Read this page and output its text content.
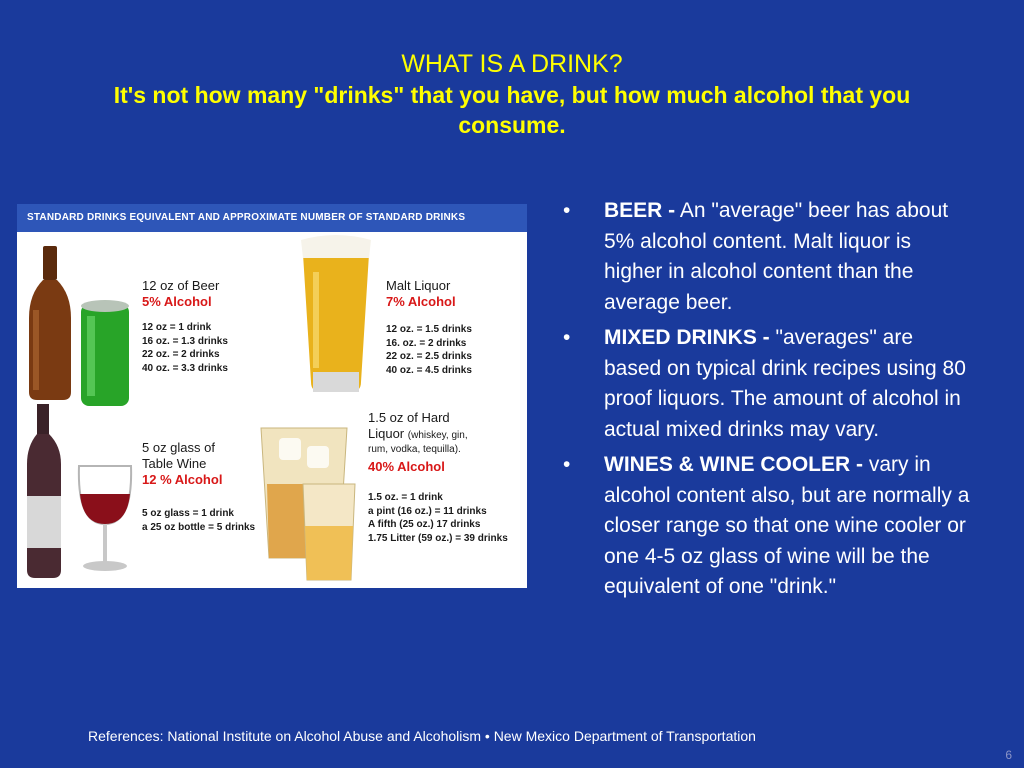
WHAT IS A DRINK?
It's not how many "drinks" that you have, but how much alcohol that you consume.
STANDARD DRINKS EQUIVALENT AND APPROXIMATE NUMBER OF STANDARD DRINKS
12 oz of Beer
5% Alcohol
12 oz = 1 drink
16 oz. = 1.3 drinks
22 oz. = 2 drinks
40 oz. = 3.3 drinks
Malt Liquor
7% Alcohol
12 oz. = 1.5 drinks
16. oz. = 2 drinks
22 oz. = 2.5 drinks
40 oz. = 4.5 drinks
5 oz glass of
Table Wine
12 % Alcohol
5 oz glass = 1 drink
a 25 oz bottle = 5 drinks
1.5 oz of Hard
Liquor (whiskey, gin,
rum, vodka, tequilla).
40% Alcohol
1.5 oz. = 1 drink
a pint (16 oz.) = 11 drinks
A fifth (25 oz.) 17 drinks
1.75 Litter (59 oz.) = 39 drinks
• BEER - An "average" beer has about 5% alcohol content. Malt liquor is higher in alcohol content than the average beer.
• MIXED DRINKS - "averages" are based on typical drink recipes using 80 proof liquors. The amount of alcohol in actual mixed drinks may vary.
• WINES & WINE COOLER - vary in alcohol content also, but are normally a closer range so that one wine cooler or one 4-5 oz glass of wine will be the equivalent of one "drink."
References: National Institute on Alcohol Abuse and Alcoholism • New Mexico Department of Transportation
6
